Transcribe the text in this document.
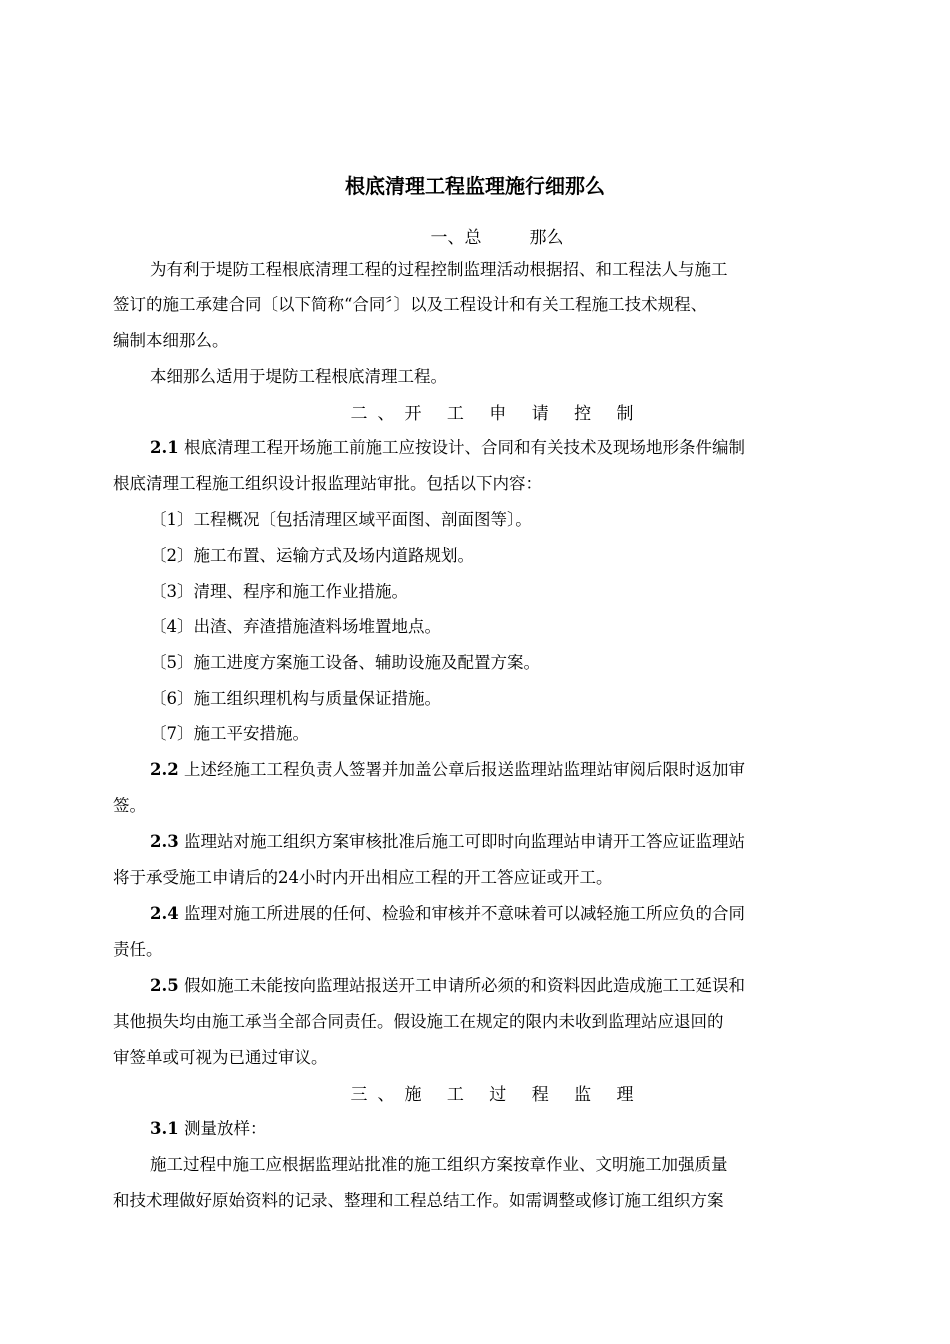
根底清理工程监理施行细那么
一、总	那么
为有利于堤防工程根底清理工程的过程控制监理活动根据招、和工程法人与施工
签订的施工承建合同〔以下简称“合同〞〕以及工程设计和有关工程施工技术规程、
编制本细那么。
本细那么适用于堤防工程根底清理工程。
二、开 工 申 请 控 制
2.1 根底清理工程开场施工前施工应按设计、合同和有关技术及现场地形条件编制
根底清理工程施工组织设计报监理站审批。包括以下内容：
〔1〕工程概况〔包括清理区域平面图、剖面图等〕。
〔2〕施工布置、运输方式及场内道路规划。
〔3〕清理、程序和施工作业措施。
〔4〕出渣、弃渣措施渣料场堆置地点。
〔5〕施工进度方案施工设备、辅助设施及配置方案。
〔6〕施工组织理机构与质量保证措施。
〔7〕施工平安措施。
2.2 上述经施工工程负责人签署并加盖公章后报送监理站监理站审阅后限时返加审
签。
2.3 监理站对施工组织方案审核批准后施工可即时向监理站申请开工答应证监理站
将于承受施工申请后的24小时内开出相应工程的开工答应证或开工。
2.4 监理对施工所进展的任何、检验和审核并不意味着可以减轻施工所应负的合同
责任。
2.5 假如施工未能按向监理站报送开工申请所必须的和资料因此造成施工工延误和
其他损失均由施工承当全部合同责任。假设施工在规定的限内未收到监理站应退回的
审签单或可视为已通过审议。
三、施 工 过 程 监 理
3.1 测量放样：
施工过程中施工应根据监理站批准的施工组织方案按章作业、文明施工加强质量
和技术理做好原始资料的记录、整理和工程总结工作。如需调整或修订施工组织方案
